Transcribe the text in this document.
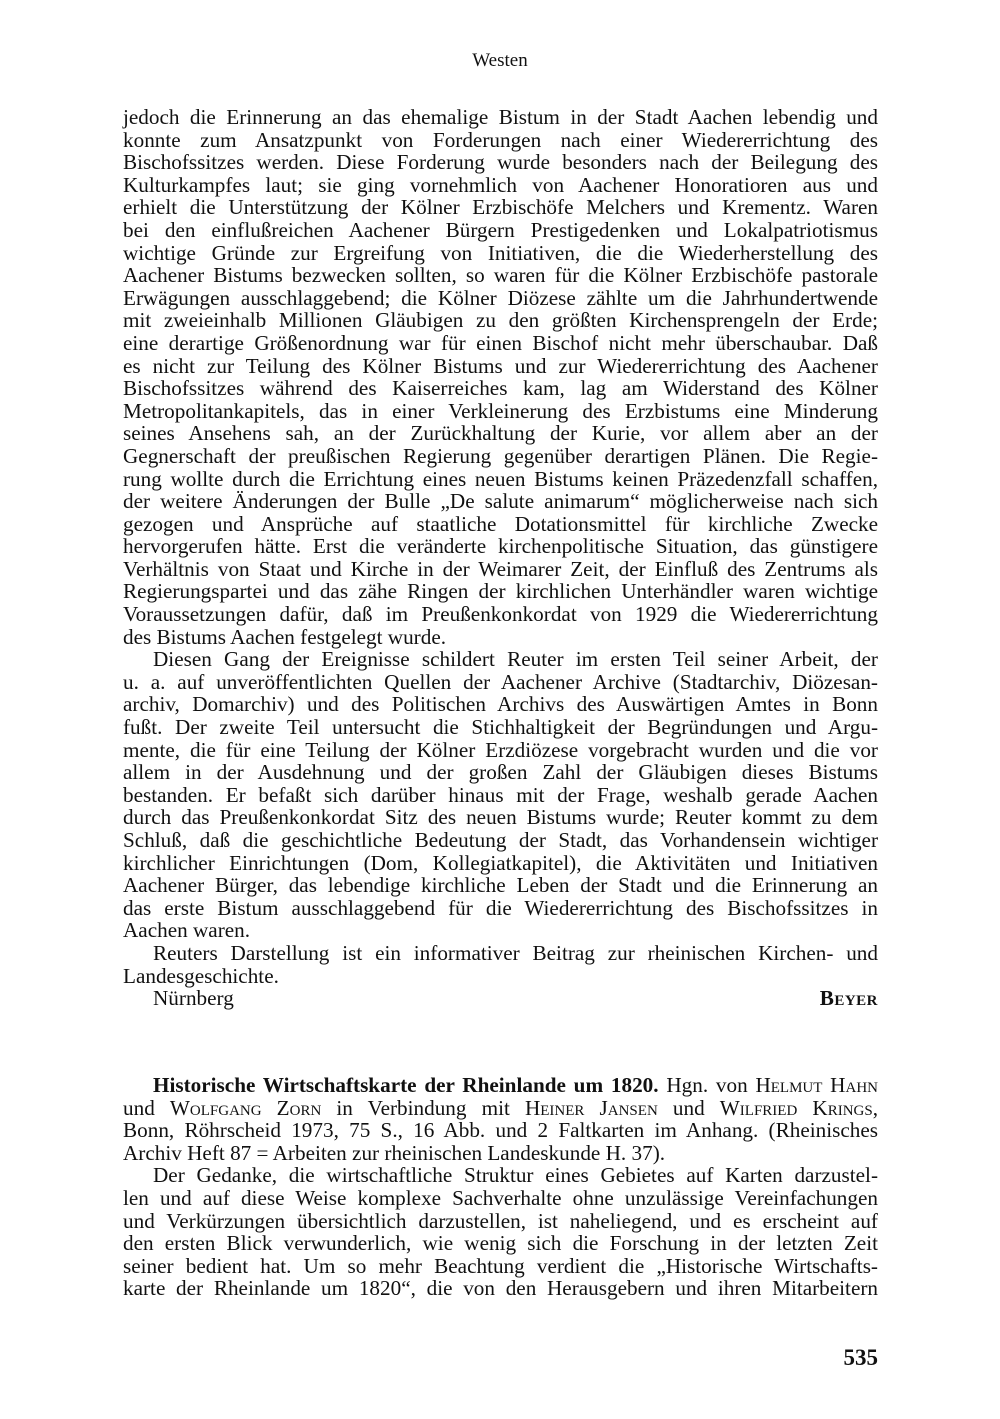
Westen
jedoch die Erinnerung an das ehemalige Bistum in der Stadt Aachen lebendig und
konnte zum Ansatzpunkt von Forderungen nach einer Wiedererrichtung des
Bischofssitzes werden. Diese Forderung wurde besonders nach der Beilegung des
Kulturkampfes laut; sie ging vornehmlich von Aachener Honoratioren aus und
erhielt die Unterstützung der Kölner Erzbischöfe Melchers und Krementz. Waren
bei den einflußreichen Aachener Bürgern Prestigedenken und Lokalpatriotismus
wichtige Gründe zur Ergreifung von Initiativen, die die Wiederherstellung des
Aachener Bistums bezwecken sollten, so waren für die Kölner Erzbischöfe pastorale
Erwägungen ausschlaggebend; die Kölner Diözese zählte um die Jahrhundertwende
mit zweieinhalb Millionen Gläubigen zu den größten Kirchensprengeln der Erde;
eine derartige Größenordnung war für einen Bischof nicht mehr überschaubar. Daß
es nicht zur Teilung des Kölner Bistums und zur Wiedererrichtung des Aachener
Bischofssitzes während des Kaiserreiches kam, lag am Widerstand des Kölner
Metropolitankapitels, das in einer Verkleinerung des Erzbistums eine Minderung
seines Ansehens sah, an der Zurückhaltung der Kurie, vor allem aber an der
Gegnerschaft der preußischen Regierung gegenüber derartigen Plänen. Die Regie-
rung wollte durch die Errichtung eines neuen Bistums keinen Präzedenzfall schaffen,
der weitere Änderungen der Bulle „De salute animarum“ möglicherweise nach sich
gezogen und Ansprüche auf staatliche Dotationsmittel für kirchliche Zwecke
hervorgerufen hätte. Erst die veränderte kirchenpolitische Situation, das günstigere
Verhältnis von Staat und Kirche in der Weimarer Zeit, der Einfluß des Zentrums als
Regierungspartei und das zähe Ringen der kirchlichen Unterhändler waren wichtige
Voraussetzungen dafür, daß im Preußenkonkordat von 1929 die Wiedererrichtung
des Bistums Aachen festgelegt wurde.
Diesen Gang der Ereignisse schildert Reuter im ersten Teil seiner Arbeit, der
u. a. auf unveröffentlichten Quellen der Aachener Archive (Stadtarchiv, Diözesan-
archiv, Domarchiv) und des Politischen Archivs des Auswärtigen Amtes in Bonn
fußt. Der zweite Teil untersucht die Stichhaltigkeit der Begründungen und Argu-
mente, die für eine Teilung der Kölner Erzdiözese vorgebracht wurden und die vor
allem in der Ausdehnung und der großen Zahl der Gläubigen dieses Bistums
bestanden. Er befaßt sich darüber hinaus mit der Frage, weshalb gerade Aachen
durch das Preußenkonkordat Sitz des neuen Bistums wurde; Reuter kommt zu dem
Schluß, daß die geschichtliche Bedeutung der Stadt, das Vorhandensein wichtiger
kirchlicher Einrichtungen (Dom, Kollegiatkapitel), die Aktivitäten und Initiativen
Aachener Bürger, das lebendige kirchliche Leben der Stadt und die Erinnerung an
das erste Bistum ausschlaggebend für die Wiedererrichtung des Bischofssitzes in
Aachen waren.
Reuters Darstellung ist ein informativer Beitrag zur rheinischen Kirchen- und
Landesgeschichte.
Nürnberg	Beyer
Historische Wirtschaftskarte der Rheinlande um 1820. Hgn. von Helmut Hahn
und Wolfgang Zorn in Verbindung mit Heiner Jansen und Wilfried Krings,
Bonn, Röhrscheid 1973, 75 S., 16 Abb. und 2 Faltkarten im Anhang. (Rheinisches
Archiv Heft 87 = Arbeiten zur rheinischen Landeskunde H. 37).
Der Gedanke, die wirtschaftliche Struktur eines Gebietes auf Karten darzustel-
len und auf diese Weise komplexe Sachverhalte ohne unzulässige Vereinfachungen
und Verkürzungen übersichtlich darzustellen, ist naheliegend, und es erscheint auf
den ersten Blick verwunderlich, wie wenig sich die Forschung in der letzten Zeit
seiner bedient hat. Um so mehr Beachtung verdient die „Historische Wirtschafts-
karte der Rheinlande um 1820“, die von den Herausgebern und ihren Mitarbeitern
535
